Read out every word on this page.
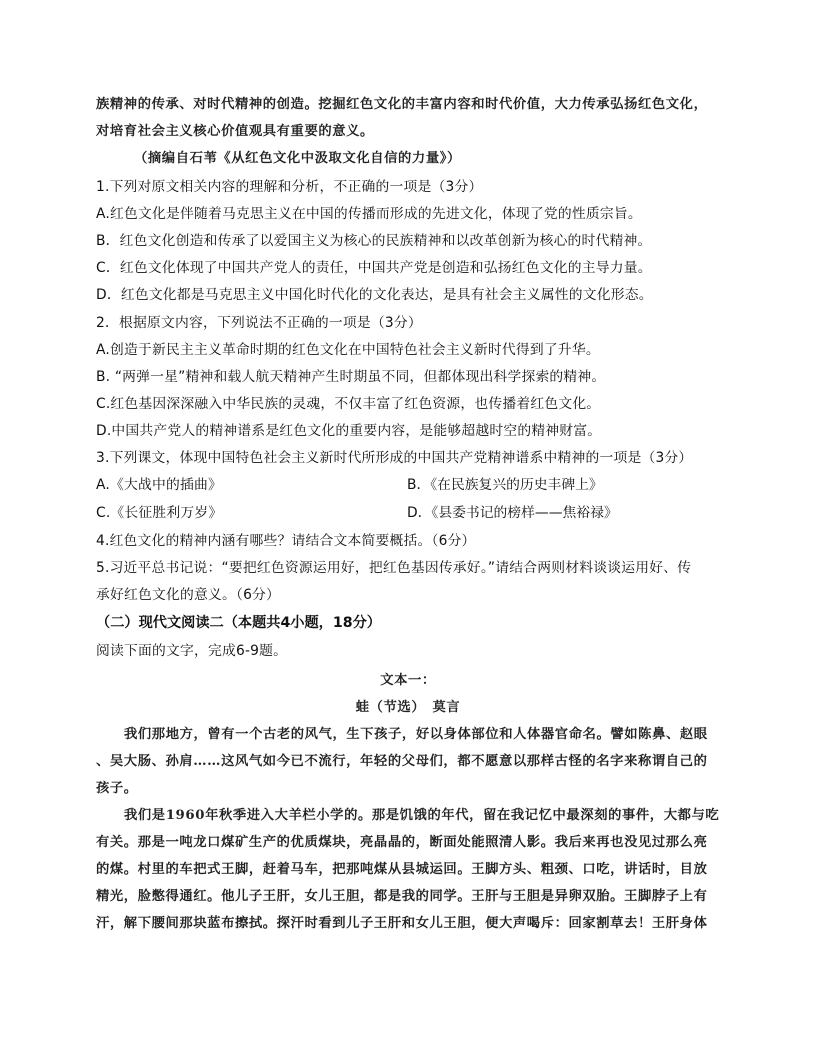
族精神的传承、对时代精神的创造。挖掘红色文化的丰富内容和时代价值，大力传承弘扬红色文化，
对培育社会主义核心价值观具有重要的意义。
（摘编自石苇《从红色文化中汲取文化自信的力量》）
1.下列对原文相关内容的理解和分析，不正确的一项是（3分）
A.红色文化是伴随着马克思主义在中国的传播而形成的先进文化，体现了党的性质宗旨。
B．红色文化创造和传承了以爱国主义为核心的民族精神和以改革创新为核心的时代精神。
C．红色文化体现了中国共产党人的责任，中国共产党是创造和弘扬红色文化的主导力量。
D．红色文化都是马克思主义中国化时代化的文化表达，是具有社会主义属性的文化形态。
2．根据原文内容，下列说法不正确的一项是（3分）
A.创造于新民主主义革命时期的红色文化在中国特色社会主义新时代得到了升华。
B. “两弹一星”精神和载人航天精神产生时期虽不同，但都体现出科学探索的精神。
C.红色基因深深融入中华民族的灵魂，不仅丰富了红色资源，也传播着红色文化。
D.中国共产党人的精神谱系是红色文化的重要内容，是能够超越时空的精神财富。
3.下列课文，体现中国特色社会主义新时代所形成的中国共产党精神谱系中精神的一项是（3分）
A.《大战中的插曲》	B．《在民族复兴的历史丰碑上》
C.《长征胜利万岁》	D．《县委书记的榜样——焦裕禄》
4.红色文化的精神内涵有哪些？请结合文本简要概括。（6分）
5.习近平总书记说：“要把红色资源运用好，把红色基因传承好。”请结合两则材料谈谈运用好、传
承好红色文化的意义。（6分）
（二）现代文阅读二（本题共4小题，18分）
阅读下面的文字，完成6-9题。
文本一：
蛙（节选）　莫言
我们那地方，曾有一个古老的风气，生下孩子，好以身体部位和人体器官命名。譬如陈鼻、赵眼
、吴大肠、孙肩……这风气如今已不流行，年轻的父母们，都不愿意以那样古怪的名字来称谓自己的
孩子。
我们是1960年秋季进入大羊栏小学的。那是饥饿的年代，留在我记忆中最深刻的事件，大都与吃
有关。那是一吨龙口煤矿生产的优质煤块，亮晶晶的，断面处能照清人影。我后来再也没见过那么亮
的煤。村里的车把式王脚，赶着马车，把那吨煤从县城运回。王脚方头、粗颈、口吃，讲话时，目放
精光，脸憋得通红。他儿子王肝，女儿王胆，都是我的同学。王肝与王胆是异卵双胎。王脚脖子上有
汗，解下腰间那块蓝布擦拭。探汗时看到儿子王肝和女儿王胆，便大声喝斥：回家割草去！王肝身体
